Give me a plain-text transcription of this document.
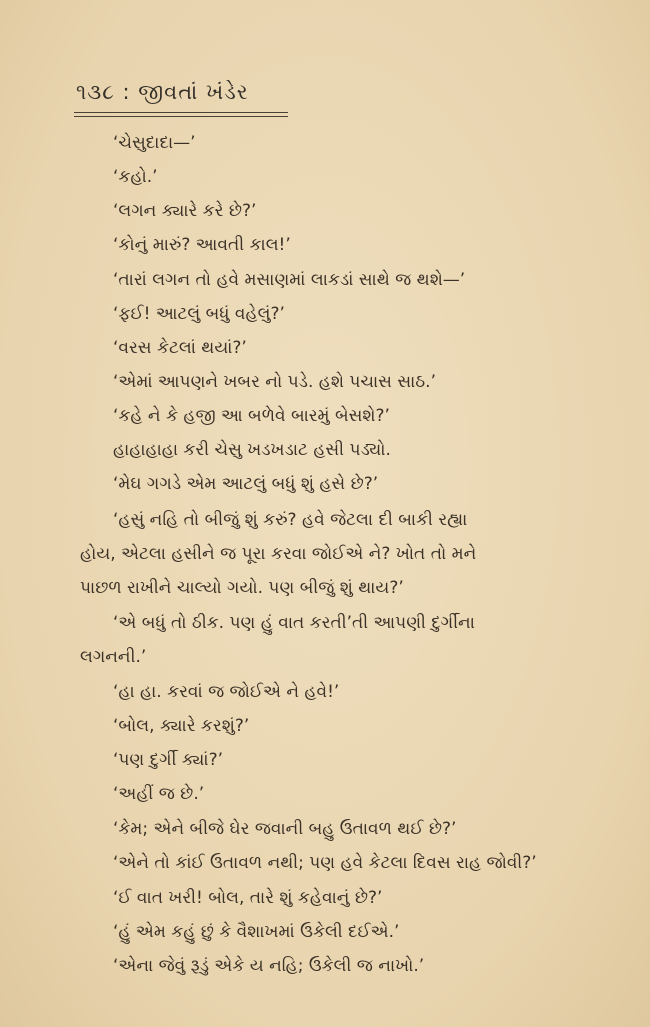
૧૩૮ : જીવતાં ખંડેર
‘ચેસુદાદા—’
‘કહો.’
‘લગન ક્યારે કરે છે?’
‘કોનું મારું? આવતી કાલ!’
‘તારાં લગન તો હવે મસાણમાં લાકડાં સાથે જ થશે—’
‘ફઈ! આટલું બધું વહેલું?’
‘વરસ કેટલાં થયાં?’
‘એમાં આપણને ખબર નો પડે. હશે પચાસ સાઠ.’
‘કહે ને કે હજી આ બળેવે બારમું બેસશે?’
હાહાહાહા કરી ચેસુ ખડખડાટ હસી પડ્યો.
‘મેઘ ગગડે એમ આટલું બધું શું હસે છે?’
‘હસું નહિ તો બીજું શું કરું? હવે જેટલા દી બાકી રહ્યા
હોય, એટલા હસીને જ પૂરા કરવા જોઈએ ને? ખોત તો મને
પાછળ રાખીને ચાલ્યો ગયો. પણ બીજું શું થાય?’
‘એ બધું તો ઠીક. પણ હું વાત કરતી’તી આપણી દુર્ગીના
લગનની.’
‘હા હા. કરવાં જ જોઈએ ને હવે!’
‘બોલ, ક્યારે કરશું?’
‘પણ દુર્ગી ક્યાં?’
‘અહીં જ છે.’
‘કેમ; એને બીજે ઘેર જવાની બહુ ઉતાવળ થઈ છે?’
‘એને તો કાંઈ ઉતાવળ નથી; પણ હવે કેટલા દિવસ રાહ જોવી?’
‘ઈ વાત ખરી! બોલ, તારે શું કહેવાનું છે?’
‘હું એમ કહું છું કે વૈશાખમાં ઉકેલી દઈએ.’
‘એના જેવું રૂડું એકે ય નહિ; ઉકેલી જ નાખો.’
